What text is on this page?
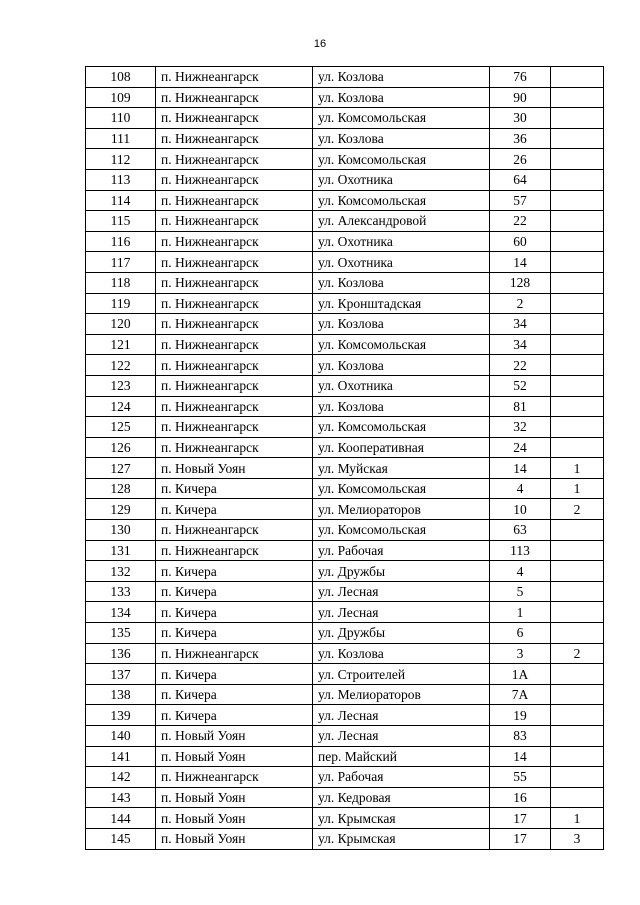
16
108	п. Нижнеангарск	ул. Козлова	76	
109	п. Нижнеангарск	ул. Козлова	90	
110	п. Нижнеангарск	ул. Комсомольская	30	
111	п. Нижнеангарск	ул. Козлова	36	
112	п. Нижнеангарск	ул. Комсомольская	26	
113	п. Нижнеангарск	ул. Охотника	64	
114	п. Нижнеангарск	ул. Комсомольская	57	
115	п. Нижнеангарск	ул. Александровой	22	
116	п. Нижнеангарск	ул. Охотника	60	
117	п. Нижнеангарск	ул. Охотника	14	
118	п. Нижнеангарск	ул. Козлова	128	
119	п. Нижнеангарск	ул. Кронштадская	2	
120	п. Нижнеангарск	ул. Козлова	34	
121	п. Нижнеангарск	ул. Комсомольская	34	
122	п. Нижнеангарск	ул. Козлова	22	
123	п. Нижнеангарск	ул. Охотника	52	
124	п. Нижнеангарск	ул. Козлова	81	
125	п. Нижнеангарск	ул. Комсомольская	32	
126	п. Нижнеангарск	ул. Кооперативная	24	
127	п. Новый Уоян	ул. Муйская	14	1
128	п. Кичера	ул. Комсомольская	4	1
129	п. Кичера	ул. Мелиораторов	10	2
130	п. Нижнеангарск	ул. Комсомольская	63	
131	п. Нижнеангарск	ул. Рабочая	113	
132	п. Кичера	ул. Дружбы	4	
133	п. Кичера	ул. Лесная	5	
134	п. Кичера	ул. Лесная	1	
135	п. Кичера	ул. Дружбы	6	
136	п. Нижнеангарск	ул. Козлова	3	2
137	п. Кичера	ул. Строителей	1А	
138	п. Кичера	ул. Мелиораторов	7А	
139	п. Кичера	ул. Лесная	19	
140	п. Новый Уоян	ул. Лесная	83	
141	п. Новый Уоян	пер. Майский	14	
142	п. Нижнеангарск	ул. Рабочая	55	
143	п. Новый Уоян	ул. Кедровая	16	
144	п. Новый Уоян	ул. Крымская	17	1
145	п. Новый Уоян	ул. Крымская	17	3
